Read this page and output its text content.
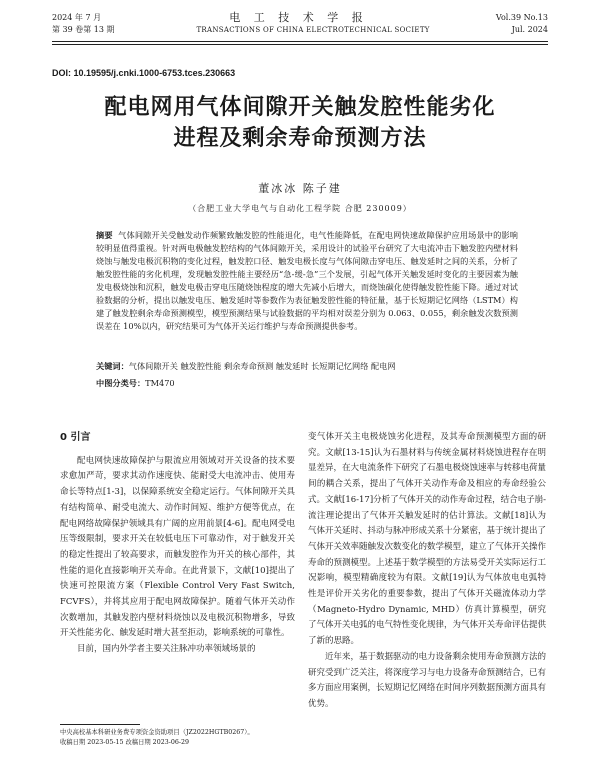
2024 年 7 月	电 工 技 术 学 报	Vol.39 No.13
第 39 卷第 13 期	TRANSACTIONS OF CHINA ELECTROTECHNICAL SOCIETY	Jul. 2024
DOI: 10.19595/j.cnki.1000-6753.tces.230663
配电网用气体间隙开关触发腔性能劣化
进程及剩余寿命预测方法
董冰冰 陈子建
（合肥工业大学电气与自动化工程学院 合肥 230009）
摘要 气体间隙开关受触发动作频繁致触发腔的性能退化，电气性能降低，在配电网快速故障保护应用场景中的影响较明显值得重视。针对两电极触发腔结构的气体间隙开关，采用设计的试验平台研究了大电流冲击下触发腔内壁材料烧蚀与触发电极沉积物的变化过程，触发腔口径、触发电极长度与气体间隙击穿电压、触发延时之间的关系，分析了触发腔性能的劣化机理，发现触发腔性能主要经历“急-缓-急”三个发展，引起气体开关触发延时变化的主要因素为触发电极烧蚀和沉积，触发电极击穿电压随烧蚀程度的增大先减小后增大，而烧蚀碳化使得触发腔性能下降。通过对试验数据的分析，提出以触发电压、触发延时等参数作为表征触发腔性能的特征量，基于长短期记忆网络（LSTM）构建了触发腔剩余寿命预测模型，模型预测结果与试验数据的平均相对误差分别为 0.063、0.055，剩余触发次数预测误差在 10%以内，研究结果可为气体开关运行维护与寿命预测提供参考。
关键词：气体间隙开关 触发腔性能 剩余寿命预测 触发延时 长短期记忆网络 配电网
中图分类号：TM470
0 引言

配电网快速故障保护与限流应用领域对开关设备的技术要求愈加严苛，要求其动作速度快、能耐受大电流冲击、使用寿命长等特点[1-3]，以保障系统安全稳定运行。气体间隙开关具有结构简单、耐受电流大、动作时间短、维护方便等优点，在配电网络故障保护领域具有广阔的应用前景[4-6]。配电网受电压等级限制，要求开关在较低电压下可靠动作，对于触发开关的稳定性提出了较高要求，而触发腔作为开关的核心部件，其性能的退化直接影响开关寿命。在此背景下，文献[10]提出了快速可控限流方案（Flexible Control Very Fast Switch, FCVFS），并将其应用于配电网故障保护。随着气体开关动作次数增加，其触发腔内壁材料烧蚀以及电极沉积物增多，导致开关性能劣化、触发延时增大甚至拒动，影响系统的可靠性。

目前，国内外学者主要关注脉冲功率领域场景的

变气体开关主电极烧蚀劣化进程，及其寿命预测模型方面的研究。文献[13-15]认为石墨材料与传统金属材料烧蚀进程存在明显差异，在大电流条件下研究了石墨电极烧蚀速率与转移电荷量间的耦合关系，提出了气体开关动作寿命及相应的寿命经验公式。文献[16-17]分析了气体开关的动作寿命过程，结合电子崩-流注理论提出了气体开关触发延时的估计算法。文献[18]认为气体开关延时、抖动与脉冲形成关系十分紧密，基于统计提出了气体开关效率随触发次数变化的数学模型，建立了气体开关操作寿命的预测模型。上述基于数学模型的方法易受开关实际运行工况影响，模型精确度较为有限。文献[19]认为气体放电电弧特性是评价开关劣化的重要参数，提出了气体开关磁流体动力学（Magneto-Hydro Dynamic, MHD）仿真计算模型，研究了气体开关电弧的电气特性变化规律，为气体开关寿命评估提供了新的思路。

近年来，基于数据驱动的电力设备剩余使用寿命预测方法的研究受到广泛关注，将深度学习与电力设备寿命预测结合，已有多方面应用案例，长短期记忆网络在时间序列数据预测方面具有优势。

中央高校基本科研业务费专项资金资助项目（JZ2022HGTB0267）。
收稿日期 2023-05-15 改稿日期 2023-06-29
